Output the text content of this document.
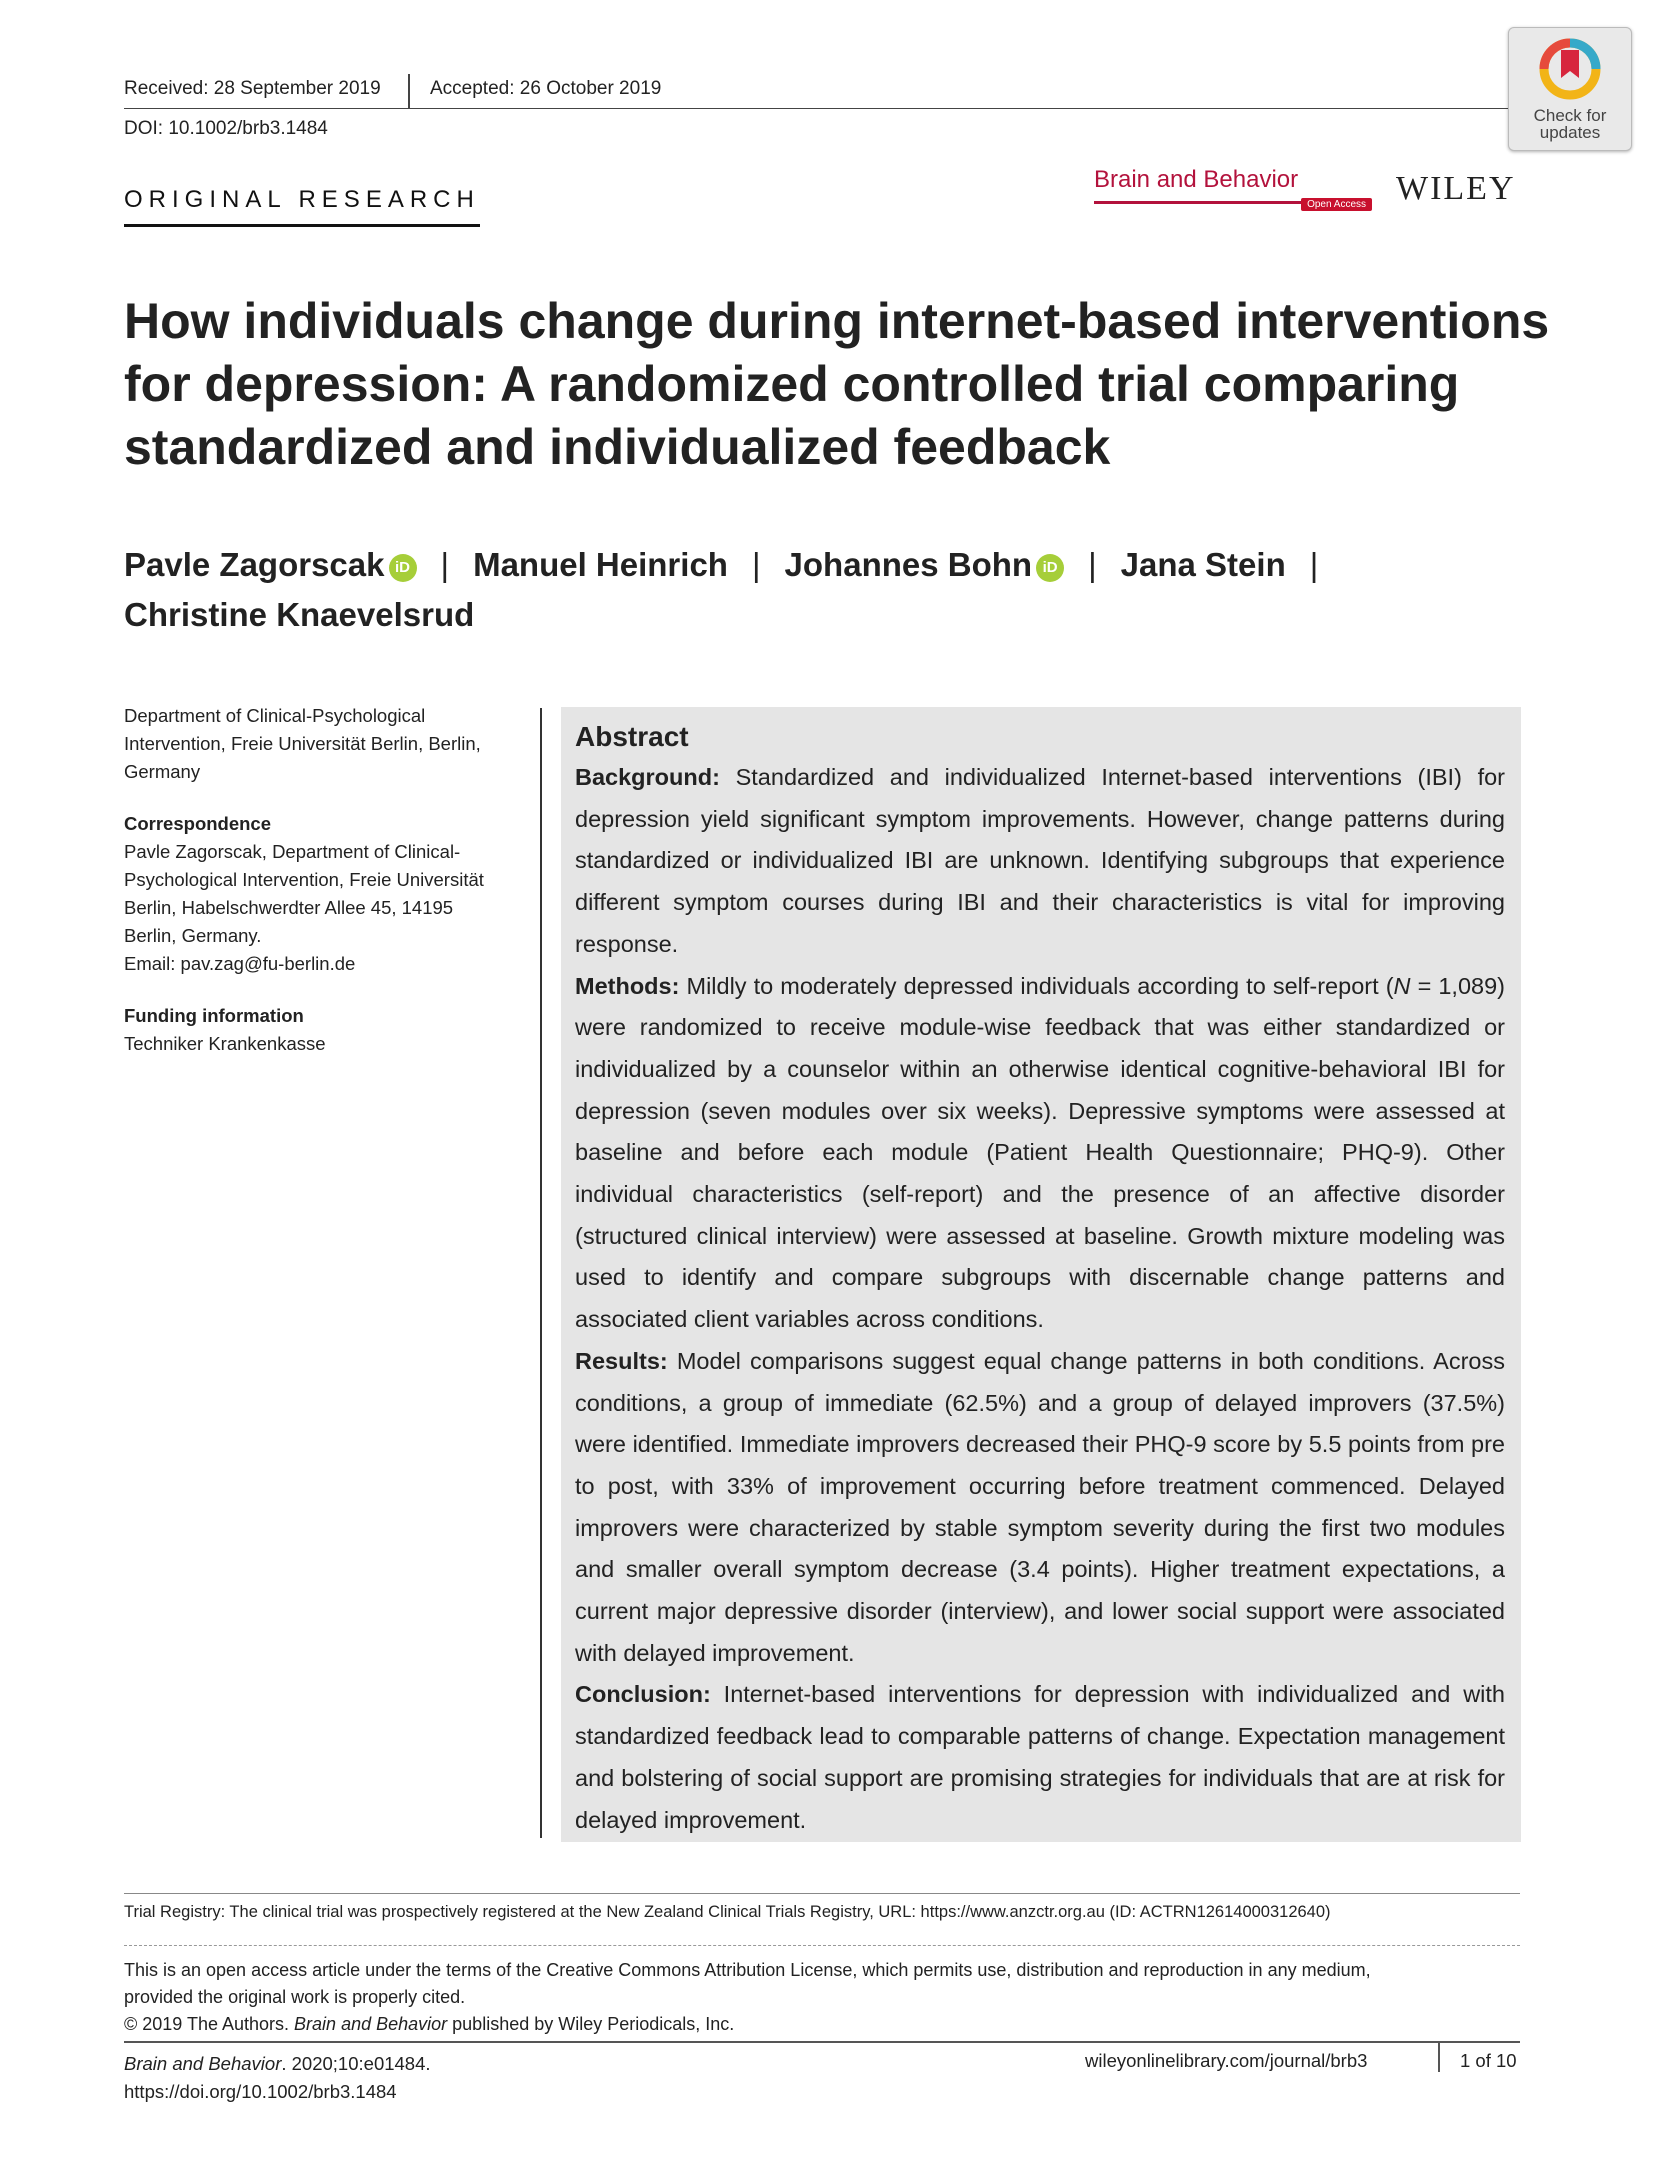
Received: 28 September 2019	Accepted: 26 October 2019
DOI: 10.1002/brb3.1484
Check for
updates
ORIGINAL RESEARCH
Brain and Behavior
Open Access WILEY
How individuals change during internet-based interventions
for depression: A randomized controlled trial comparing
standardized and individualized feedback
Pavle Zagorscak iD | Manuel Heinrich | Johannes Bohn iD | Jana Stein |
Christine Knaevelsrud
Department of Clinical-Psychological
Intervention, Freie Universität Berlin, Berlin,
Germany
Correspondence
Pavle Zagorscak, Department of Clinical-
Psychological Intervention, Freie Universität
Berlin, Habelschwerdter Allee 45, 14195
Berlin, Germany.
Email: pav.zag@fu-berlin.de
Funding information
Techniker Krankenkasse
Abstract

Background: Standardized and individualized Internet-based interventions (IBI) for depression yield significant symptom improvements. However, change patterns during standardized or individualized IBI are unknown. Identifying subgroups that experience different symptom courses during IBI and their characteristics is vital for improving response.

Methods: Mildly to moderately depressed individuals according to self-report (N = 1,089) were randomized to receive module-wise feedback that was either standardized or individualized by a counselor within an otherwise identical cognitive-behavioral IBI for depression (seven modules over six weeks). Depressive symptoms were assessed at baseline and before each module (Patient Health Questionnaire; PHQ-9). Other individual characteristics (self-report) and the presence of an affective disorder (structured clinical interview) were assessed at baseline. Growth mixture modeling was used to identify and compare subgroups with discernable change patterns and associated client variables across conditions.

Results: Model comparisons suggest equal change patterns in both conditions. Across conditions, a group of immediate (62.5%) and a group of delayed improvers (37.5%) were identified. Immediate improvers decreased their PHQ-9 score by 5.5 points from pre to post, with 33% of improvement occurring before treatment commenced. Delayed improvers were characterized by stable symptom severity during the first two modules and smaller overall symptom decrease (3.4 points). Higher treatment expectations, a current major depressive disorder (interview), and lower social support were associated with delayed improvement.

Conclusion: Internet-based interventions for depression with individualized and with standardized feedback lead to comparable patterns of change. Expectation management and bolstering of social support are promising strategies for individuals that are at risk for delayed improvement.

Trial Registry: The clinical trial was prospectively registered at the New Zealand Clinical Trials Registry, URL: https://www.anzctr.org.au (ID: ACTRN12614000312640)
This is an open access article under the terms of the Creative Commons Attribution License, which permits use, distribution and reproduction in any medium,
provided the original work is properly cited.
© 2019 The Authors. Brain and Behavior published by Wiley Periodicals, Inc.
Brain and Behavior. 2020;10:e01484.
https://doi.org/10.1002/brb3.1484
wileyonlinelibrary.com/journal/brb3	1 of 10
